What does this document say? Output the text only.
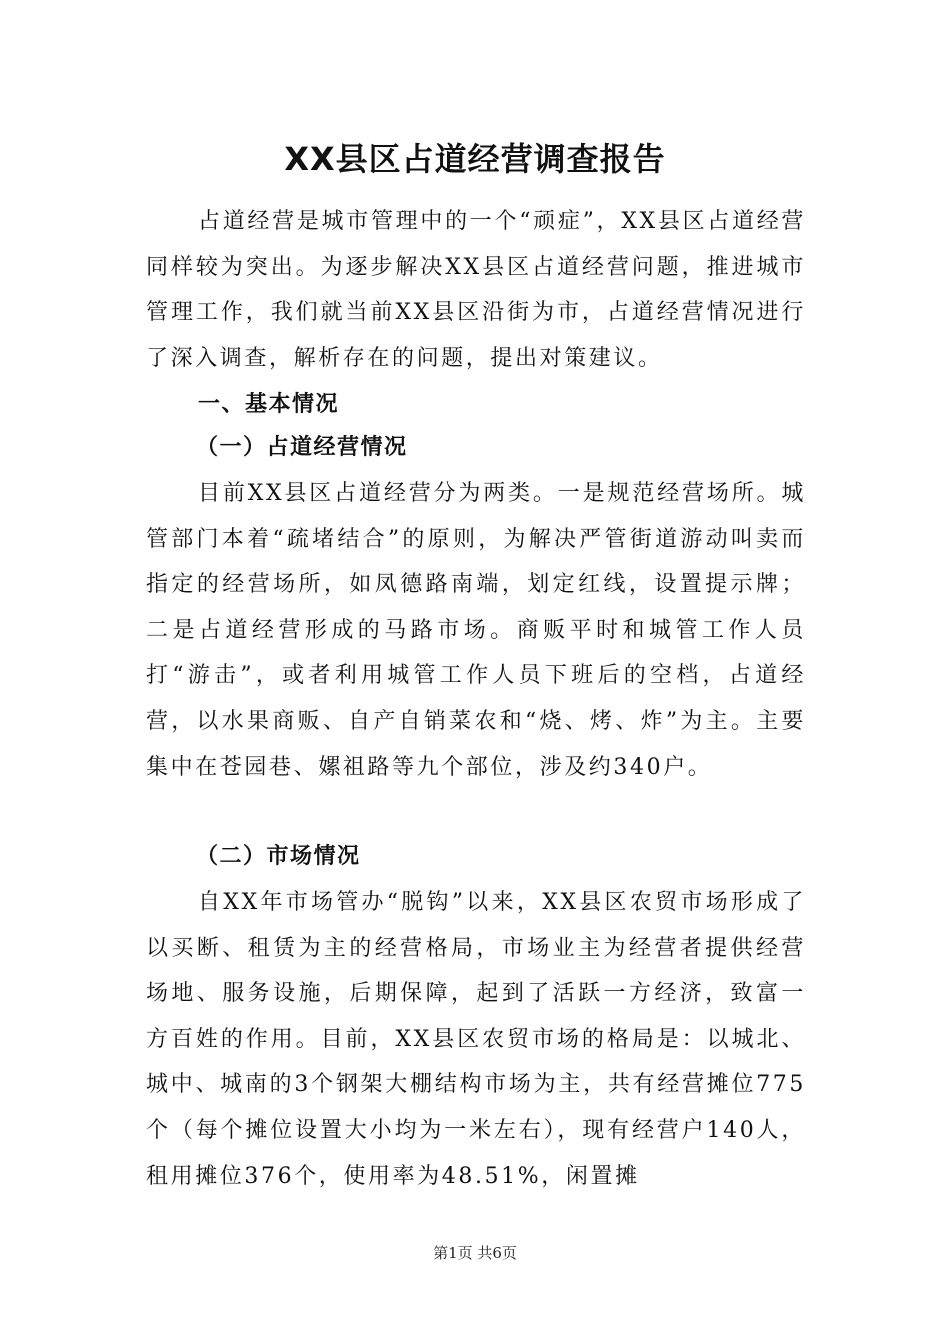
XX县区占道经营调查报告

占道经营是城市管理中的一个“顽症”，XX县区占道经营同样较为突出。为逐步解决XX县区占道经营问题，推进城市管理工作，我们就当前XX县区沿街为市，占道经营情况进行了深入调查，解析存在的问题，提出对策建议。

一、基本情况
（一）占道经营情况

目前XX县区占道经营分为两类。一是规范经营场所。城管部门本着“疏堵结合”的原则，为解决严管街道游动叫卖而指定的经营场所，如凤德路南端，划定红线，设置提示牌；二是占道经营形成的马路市场。商贩平时和城管工作人员打“游击”，或者利用城管工作人员下班后的空档，占道经营，以水果商贩、自产自销菜农和“烧、烤、炸”为主。主要集中在苍园巷、嫘祖路等九个部位，涉及约340户。

（二）市场情况

自XX年市场管办“脱钩”以来，XX县区农贸市场形成了以买断、租赁为主的经营格局，市场业主为经营者提供经营场地、服务设施，后期保障，起到了活跃一方经济，致富一方百姓的作用。目前，XX县区农贸市场的格局是：以城北、城中、城南的3个钢架大棚结构市场为主，共有经营摊位775个（每个摊位设置大小均为一米左右），现有经营户140人，租用摊位376个，使用率为48.51%，闲置摊

第1页 共6页
